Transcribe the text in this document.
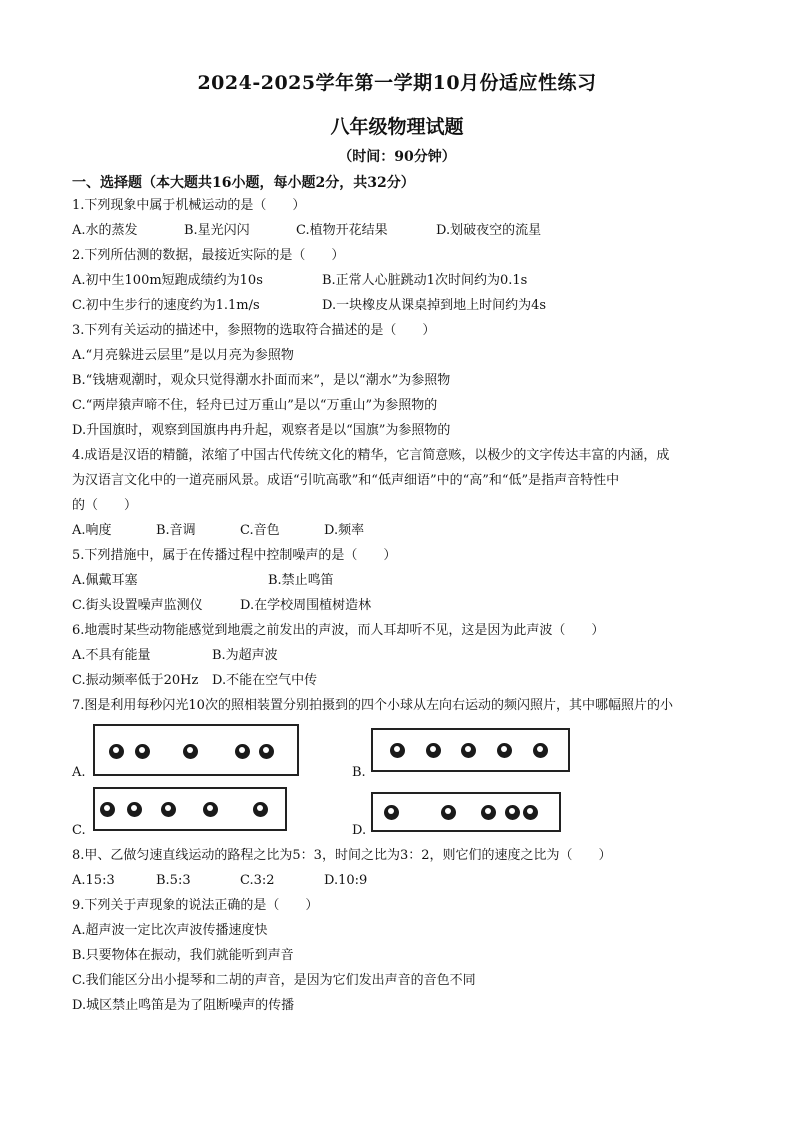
2024-2025学年第一学期10月份适应性练习
八年级物理试题
（时间：90分钟）
一、选择题（本大题共16小题，每小题2分，共32分）
1.下列现象中属于机械运动的是（　　）
A.水的蒸发	B.星光闪闪	C.植物开花结果	D.划破夜空的流星
2.下列所估测的数据，最接近实际的是（　　）
A.初中生100m短跑成绩约为10s	B.正常人心脏跳动1次时间约为0.1s
C.初中生步行的速度约为1.1m/s	D.一块橡皮从课桌掉到地上时间约为4s
3.下列有关运动的描述中，参照物的选取符合描述的是（　　）
A.“月亮躲进云层里”是以月亮为参照物
B.“钱塘观潮时，观众只觉得潮水扑面而来”，是以“潮水”为参照物
C.“两岸猿声啼不住，轻舟已过万重山”是以“万重山”为参照物的
D.升国旗时，观察到国旗冉冉升起，观察者是以“国旗”为参照物的
4.成语是汉语的精髓，浓缩了中国古代传统文化的精华，它言简意赅，以极少的文字传达丰富的内涵，成
为汉语言文化中的一道亮丽风景。成语“引吭高歌”和“低声细语”中的“高”和“低”是指声音特性中
的（　　）
A.响度	B.音调	C.音色	D.频率
5.下列措施中，属于在传播过程中控制噪声的是（　　）
A.佩戴耳塞	B.禁止鸣笛
C.街头设置噪声监测仪	D.在学校周围植树造林
6.地震时某些动物能感觉到地震之前发出的声波，而人耳却听不见，这是因为此声波（　　）
A.不具有能量	B.为超声波
C.振动频率低于20Hz D.不能在空气中传
7.图是利用每秒闪光10次的照相装置分别拍摄到的四个小球从左向右运动的频闪照片，其中哪幅照片的小
A.	B.
C.	D.
8.甲、乙做匀速直线运动的路程之比为5：3，时间之比为3：2，则它们的速度之比为（　　）
A.15:3	B.5:3	C.3:2	D.10:9
9.下列关于声现象的说法正确的是（　　）
A.超声波一定比次声波传播速度快
B.只要物体在振动，我们就能听到声音
C.我们能区分出小提琴和二胡的声音，是因为它们发出声音的音色不同
D.城区禁止鸣笛是为了阻断噪声的传播
